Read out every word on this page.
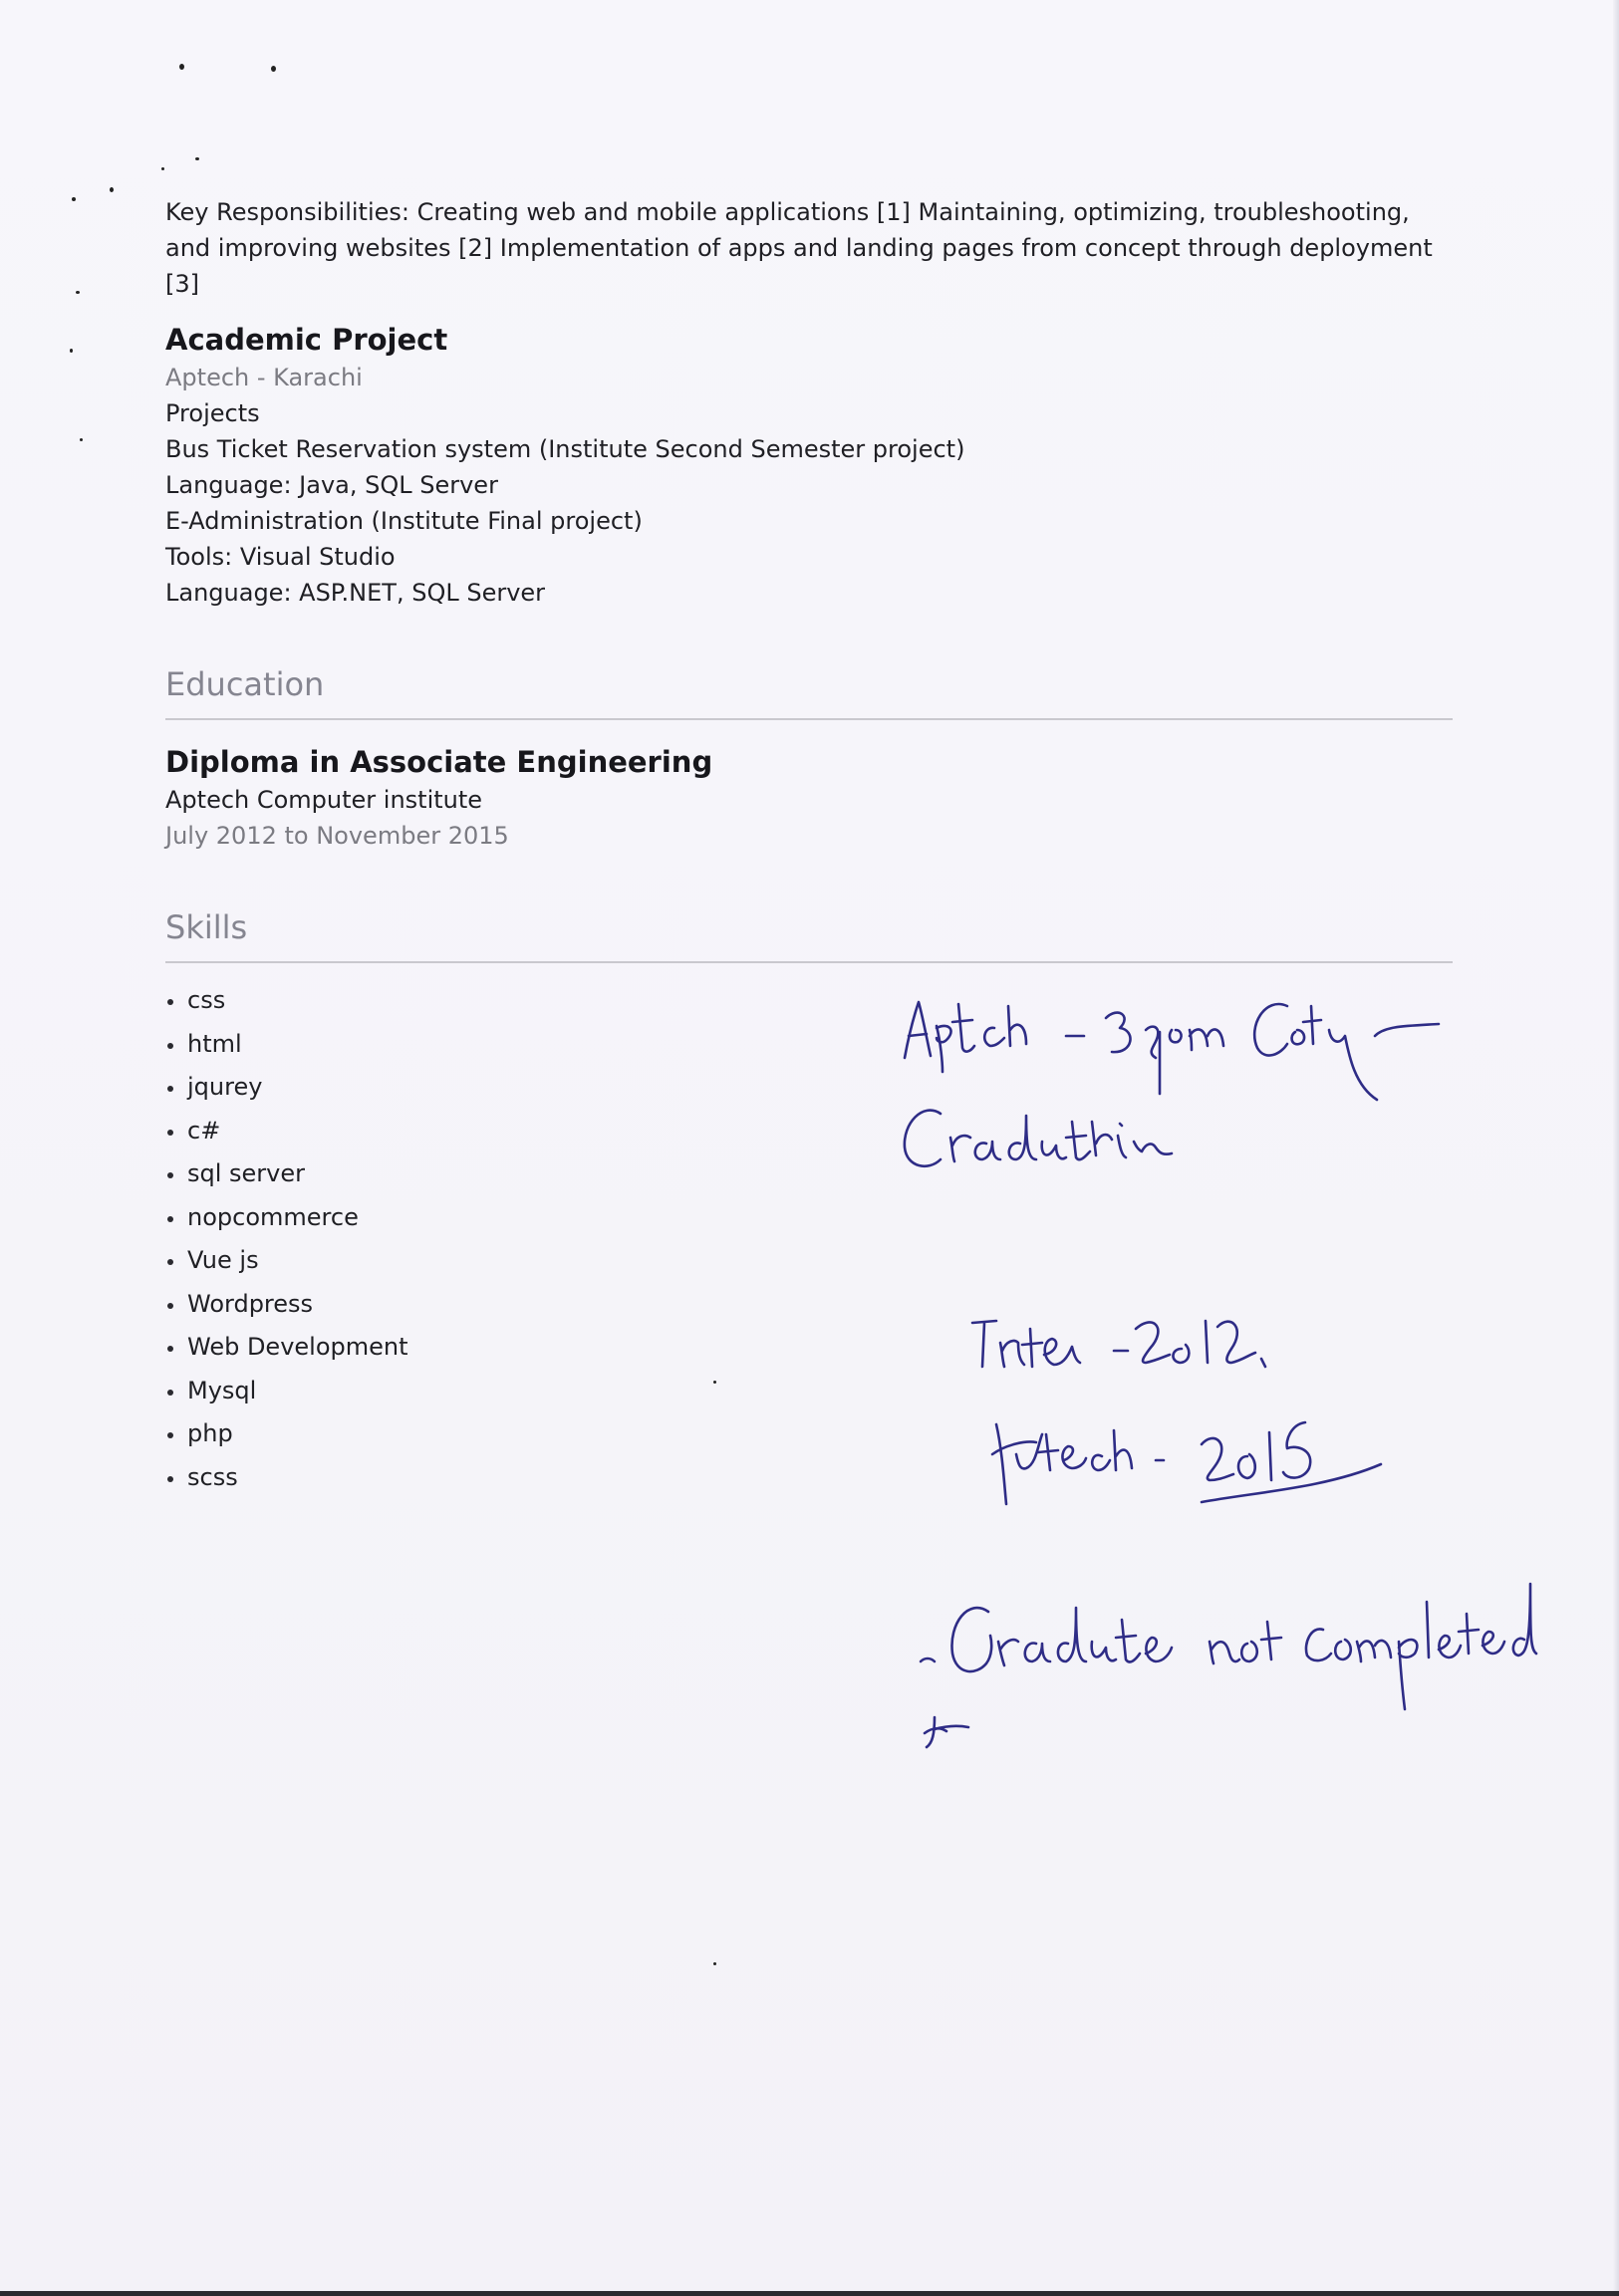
Key Responsibilities: Creating web and mobile applications [1] Maintaining, optimizing, troubleshooting, and improving websites [2] Implementation of apps and landing pages from concept through deployment [3]

Academic Project
Aptech - Karachi
Projects
Bus Ticket Reservation system (Institute Second Semester project)
Language: Java, SQL Server
E-Administration (Institute Final project)
Tools: Visual Studio
Language: ASP.NET, SQL Server
Education
Diploma in Associate Engineering
Aptech Computer institute
July 2012 to November 2015
Skills
css
html
jqurey
c#
sql server
nopcommerce
Vue js
Wordpress
Web Development
Mysql
php
scss
